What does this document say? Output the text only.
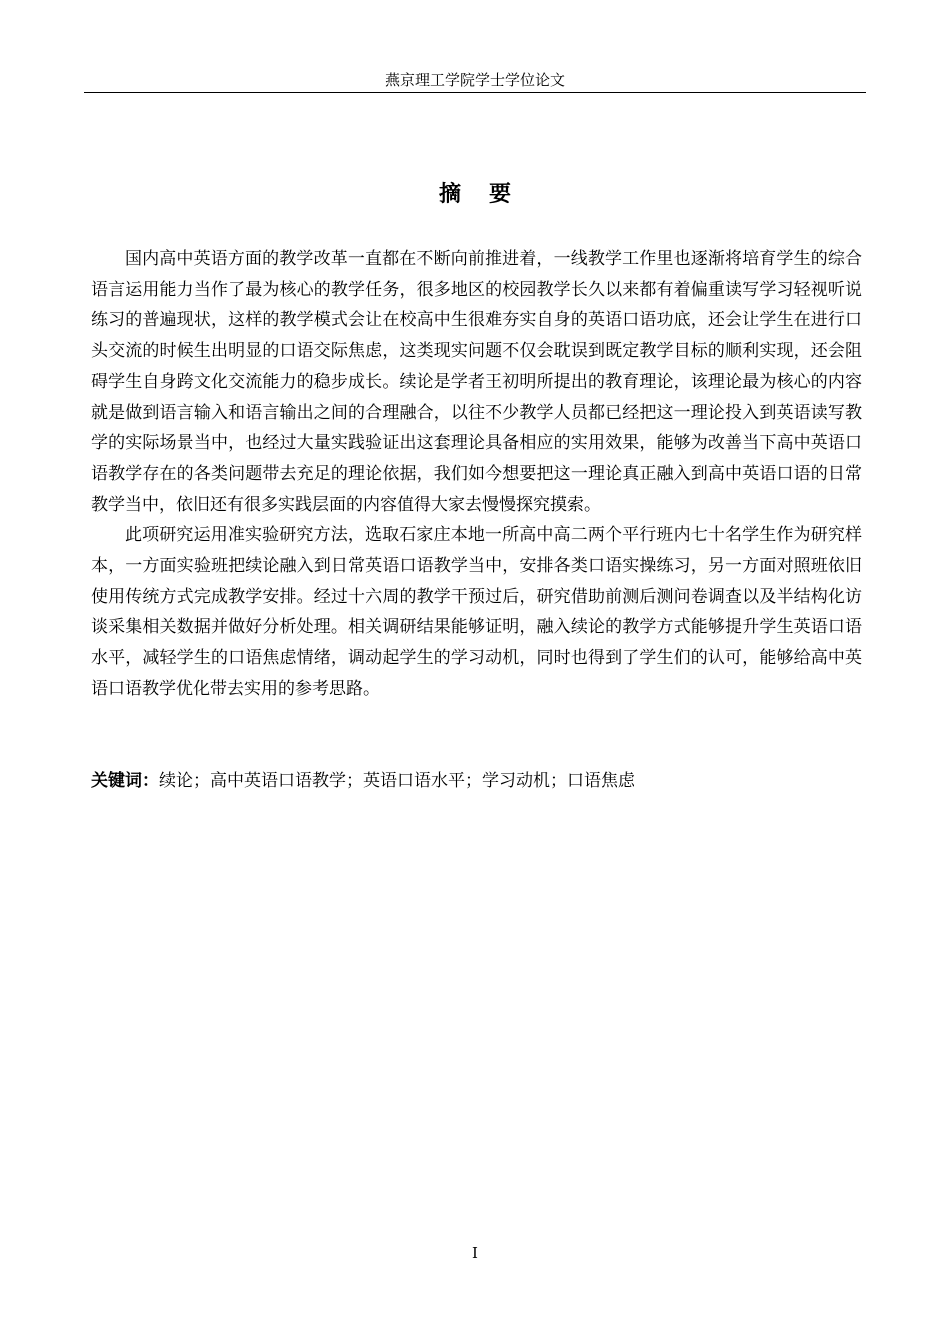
燕京理工学院学士学位论文
摘 要

国内高中英语方面的教学改革一直都在不断向前推进着，一线教学工作里也逐渐将培育学生的综合语言运用能力当作了最为核心的教学任务，很多地区的校园教学长久以来都有着偏重读写学习轻视听说练习的普遍现状，这样的教学模式会让在校高中生很难夯实自身的英语口语功底，还会让学生在进行口头交流的时候生出明显的口语交际焦虑，这类现实问题不仅会耽误到既定教学目标的顺利实现，还会阻碍学生自身跨文化交流能力的稳步成长。续论是学者王初明所提出的教育理论，该理论最为核心的内容就是做到语言输入和语言输出之间的合理融合，以往不少教学人员都已经把这一理论投入到英语读写教学的实际场景当中，也经过大量实践验证出这套理论具备相应的实用效果，能够为改善当下高中英语口语教学存在的各类问题带去充足的理论依据，我们如今想要把这一理论真正融入到高中英语口语的日常教学当中，依旧还有很多实践层面的内容值得大家去慢慢探究摸索。

此项研究运用准实验研究方法，选取石家庄本地一所高中高二两个平行班内七十名学生作为研究样本，一方面实验班把续论融入到日常英语口语教学当中，安排各类口语实操练习，另一方面对照班依旧使用传统方式完成教学安排。经过十六周的教学干预过后，研究借助前测后测问卷调查以及半结构化访谈采集相关数据并做好分析处理。相关调研结果能够证明，融入续论的教学方式能够提升学生英语口语水平，减轻学生的口语焦虑情绪，调动起学生的学习动机，同时也得到了学生们的认可，能够给高中英语口语教学优化带去实用的参考思路。

关键词：续论；高中英语口语教学；英语口语水平；学习动机；口语焦虑
I
